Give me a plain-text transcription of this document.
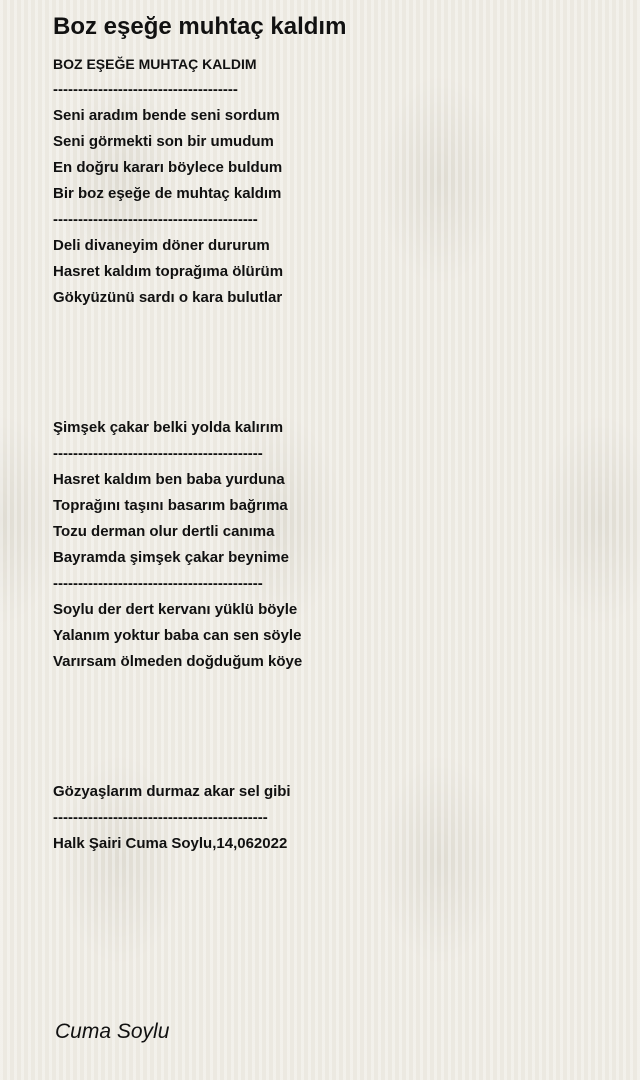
Boz eşeğe muhtaç kaldım
BOZ EŞEĞE MUHTAÇ KALDIM
-------------------------------------
Seni aradım bende seni sordum
Seni görmekti son bir umudum
En doğru kararı böylece buldum
Bir boz eşeğe de muhtaç kaldım
-----------------------------------------
Deli divaneyim döner dururum
Hasret kaldım toprağıma ölürüm
Gökyüzünü sardı o kara bulutlar
Şimşek çakar belki yolda kalırım
------------------------------------------
Hasret kaldım ben baba yurduna
Toprağını taşını basarım bağrıma
Tozu derman olur dertli canıma
Bayramda şimşek çakar beynime
------------------------------------------
Soylu der dert kervanı yüklü böyle
Yalanım yoktur baba can sen söyle
Varırsam ölmeden doğduğum köye
Gözyaşlarım durmaz akar sel gibi
-------------------------------------------
Halk Şairi Cuma Soylu,14,062022
Cuma Soylu
